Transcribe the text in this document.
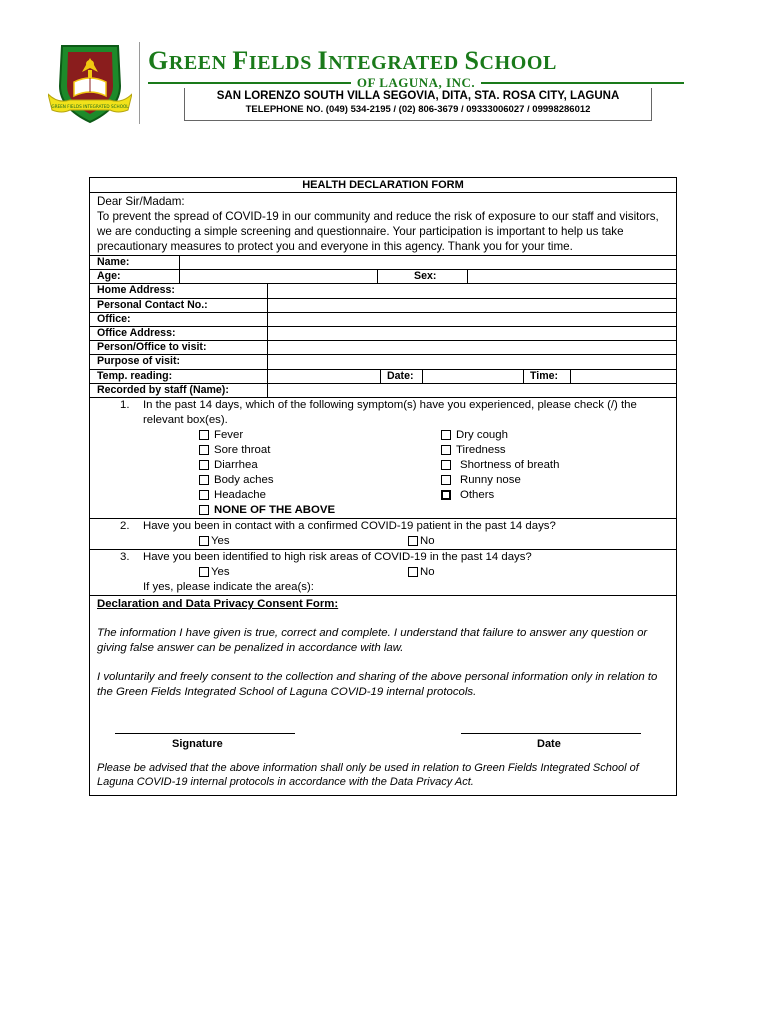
GREEN FIELDS INTEGRATED SCHOOL
GREEN FIELDS INTEGRATED SCHOOL
OF LAGUNA, INC.
SAN LORENZO SOUTH VILLA SEGOVIA, DITA, STA. ROSA CITY, LAGUNA
TELEPHONE NO. (049) 534-2195 / (02) 806-3679 / 09333006027 / 09998286012
HEALTH DECLARATION FORM
Dear Sir/Madam:
To prevent the spread of COVID-19 in our community and reduce the risk of exposure to our staff and visitors, we are conducting a simple screening and questionnaire. Your participation is important to help us take precautionary measures to protect you and everyone in this agency. Thank you for your time.
Name:
Age:	Sex:
Home Address:
Personal Contact No.:
Office:
Office Address:
Person/Office to visit:
Purpose of visit:
Temp. reading:	Date:	Time:
Recorded by staff (Name):
1.	In the past 14 days, which of the following symptom(s) have you experienced, please check (/) the relevant box(es).
Fever	Dry cough
Sore throat	Tiredness
Diarrhea	Shortness of breath
Body aches	Runny nose
Headache	Others
NONE OF THE ABOVE
2.	Have you been in contact with a confirmed COVID-19 patient in the past 14 days?
Yes	No
3.	Have you been identified to high risk areas of COVID-19 in the past 14 days?
Yes	No
If yes, please indicate the area(s):
Declaration and Data Privacy Consent Form:
The information I have given is true, correct and complete. I understand that failure to answer any question or giving false answer can be penalized in accordance with law.
I voluntarily and freely consent to the collection and sharing of the above personal information only in relation to the Green Fields Integrated School of Laguna COVID-19 internal protocols.
Signature	Date
Please be advised that the above information shall only be used in relation to Green Fields Integrated School of Laguna COVID-19 internal protocols in accordance with the Data Privacy Act.
